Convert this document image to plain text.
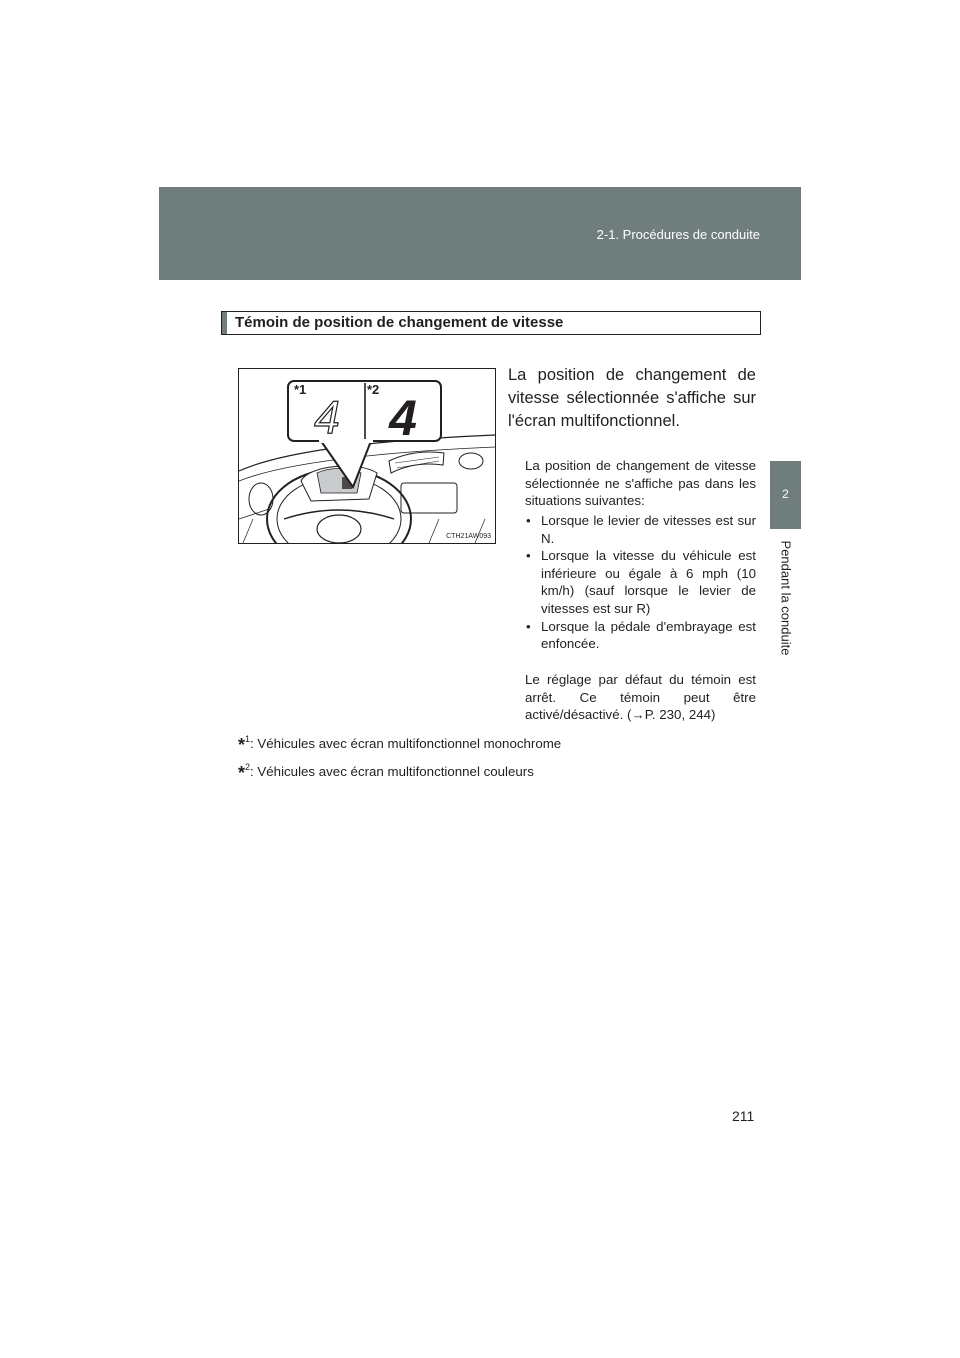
2-1. Procédures de conduite
2
Pendant la conduite
Témoin de position de changement de vitesse
*1	*2
4 4
CTH21AW093

La position de changement de vitesse sélectionnée s'affiche sur l'écran multifonctionnel.

La position de changement de vitesse sélectionnée ne s'affiche pas dans les situations suivantes:

• Lorsque le levier de vitesses est sur N.
• Lorsque la vitesse du véhicule est inférieure ou égale à 6 mph (10 km/h) (sauf lorsque le levier de vitesses est sur R)
• Lorsque la pédale d'embrayage est enfoncée.

Le réglage par défaut du témoin est arrêt. Ce témoin peut être activé/désactivé. (→P. 230, 244)

*$^1$: Véhicules avec écran multifonctionnel monochrome
*$^2$: Véhicules avec écran multifonctionnel couleurs
211
